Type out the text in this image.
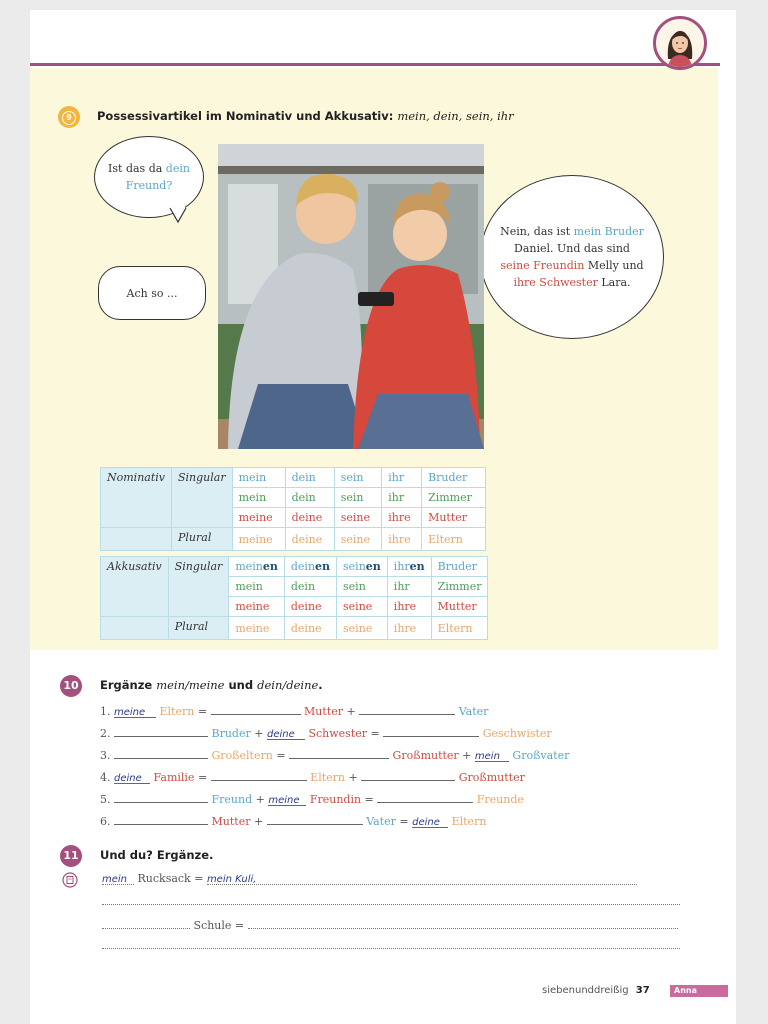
9	Possessivartikel im Nominativ und Akkusativ: mein, dein, sein, ihr
Ist das da dein
Freund?
Ach so ...
Nein, das ist mein Bruder
Daniel. Und das sind
seine Freundin Melly und
ihre Schwester Lara.
Nominativ	Singular	mein	dein	sein	ihr	Bruder
		mein	dein	sein	ihr	Zimmer
		meine	deine	seine	ihre	Mutter
	Plural	meine	deine	seine	ihre	Eltern
Akkusativ	Singular	meinen	deinen	seinen	ihren	Bruder
		mein	dein	sein	ihr	Zimmer
		meine	deine	seine	ihre	Mutter
	Plural	meine	deine	seine	ihre	Eltern
10 Ergänze mein/meine und dein/deine.
1. meine Eltern =	Mutter +	Vater
2.	Bruder + deine Schwester =	Geschwister
3.	Großeltern =	Großmutter + mein Großvater
4. deine Familie =	Eltern +	Großmutter
5.	Freund + meine Freundin =	Freunde
6.	Mutter +	Vater = deine Eltern
11 Und du? Ergänze.
mein Rucksack = mein Kuli,
Schule =
siebenunddreißig 37	Anna
